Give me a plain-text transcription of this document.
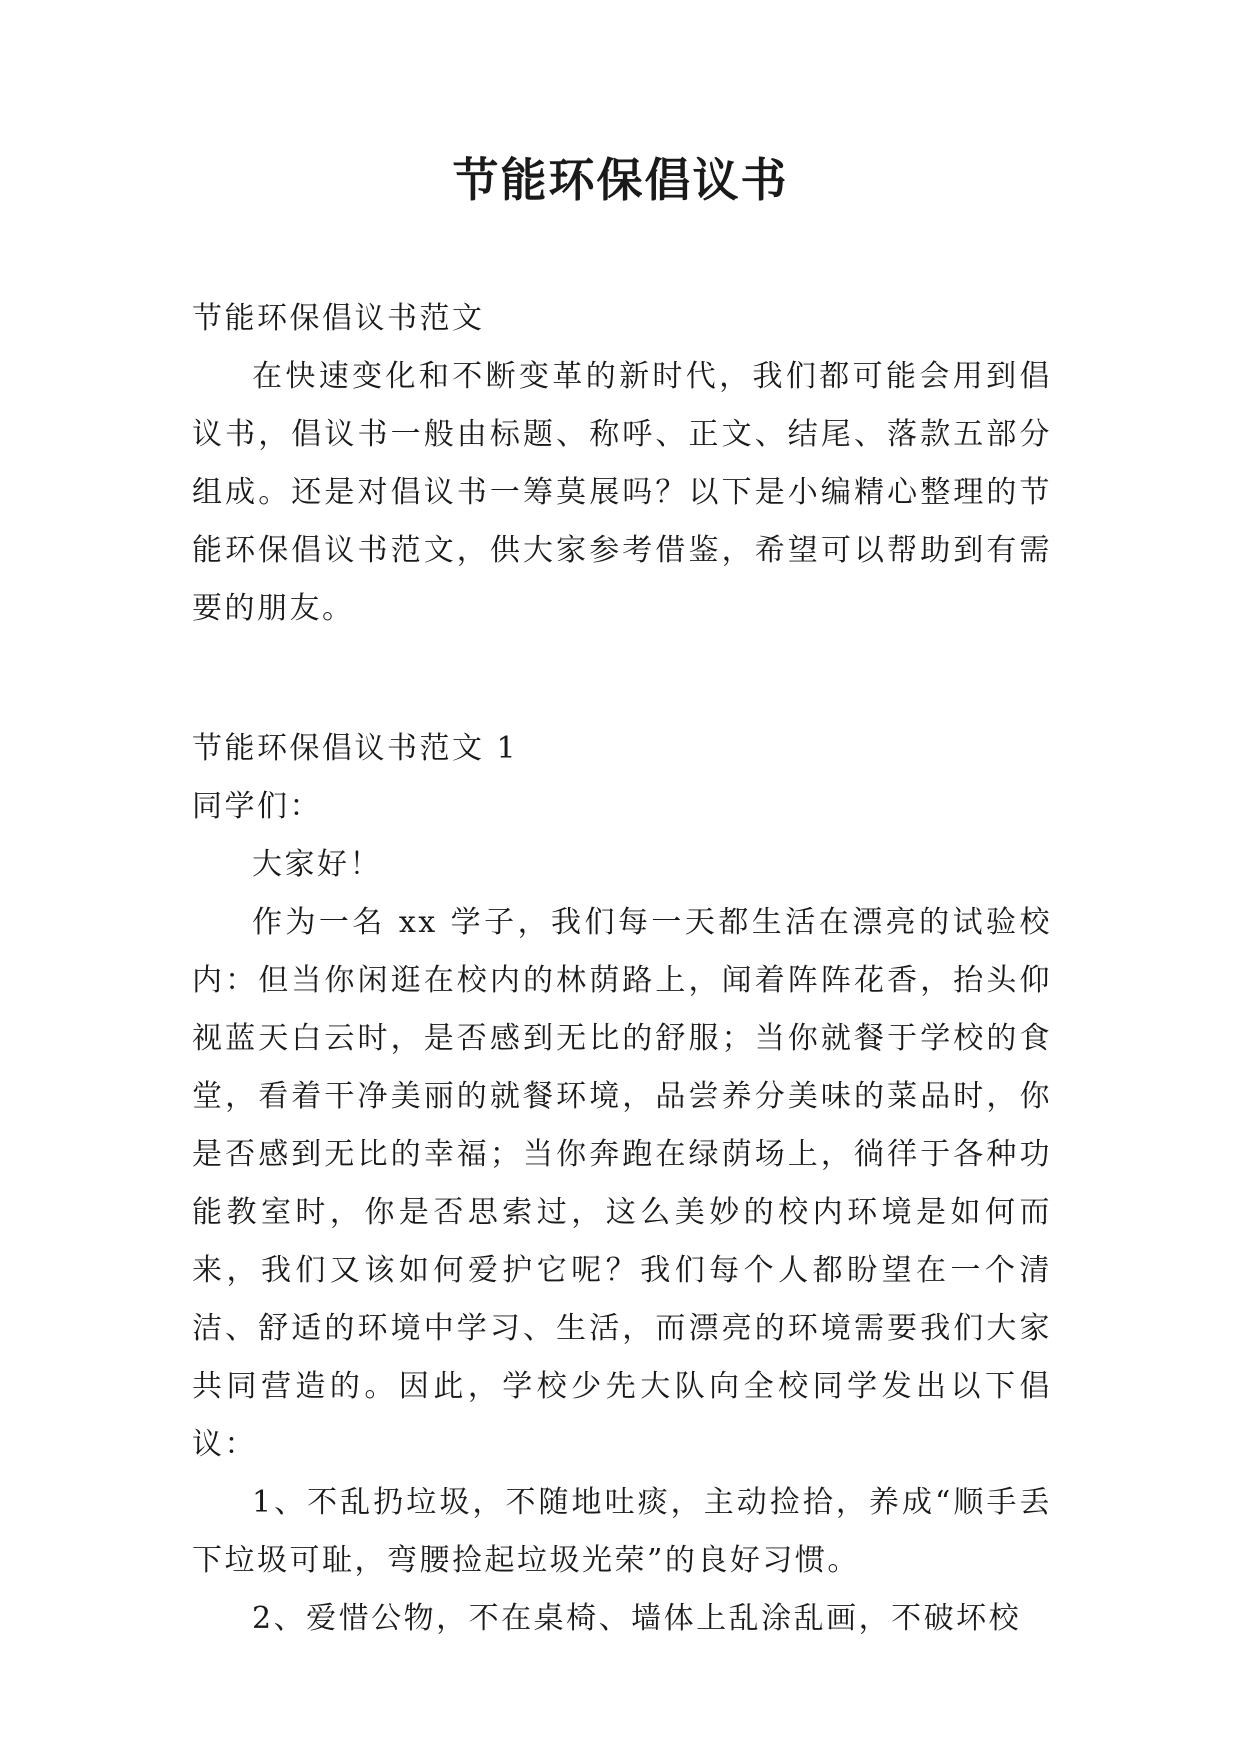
节能环保倡议书

节能环保倡议书范文

在快速变化和不断变革的新时代，我们都可能会用到倡议书，倡议书一般由标题、称呼、正文、结尾、落款五部分组成。还是对倡议书一筹莫展吗？以下是小编精心整理的节能环保倡议书范文，供大家参考借鉴，希望可以帮助到有需要的朋友。

节能环保倡议书范文 1

同学们：

大家好！

作为一名 xx 学子，我们每一天都生活在漂亮的试验校内：但当你闲逛在校内的林荫路上，闻着阵阵花香，抬头仰视蓝天白云时，是否感到无比的舒服；当你就餐于学校的食堂，看着干净美丽的就餐环境，品尝养分美味的菜品时，你是否感到无比的幸福；当你奔跑在绿荫场上，徜徉于各种功能教室时，你是否思索过，这么美妙的校内环境是如何而来，我们又该如何爱护它呢？我们每个人都盼望在一个清洁、舒适的环境中学习、生活，而漂亮的环境需要我们大家共同营造的。因此，学校少先大队向全校同学发出以下倡议：

1、不乱扔垃圾，不随地吐痰，主动捡拾，养成“顺手丢下垃圾可耻，弯腰捡起垃圾光荣”的良好习惯。

2、爱惜公物，不在桌椅、墙体上乱涂乱画，不破坏校
